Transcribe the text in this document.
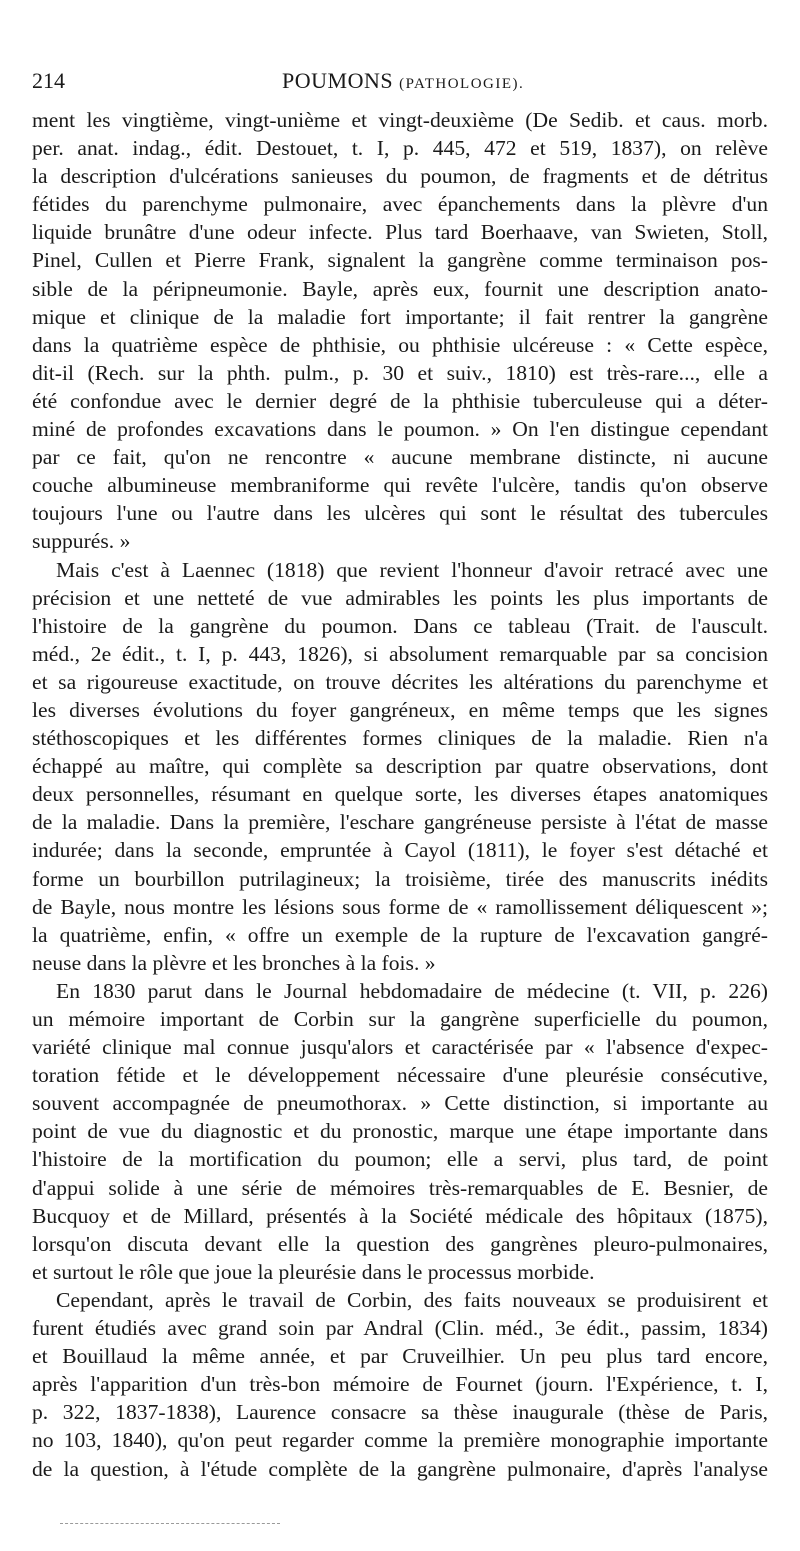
214	POUMONS (PATHOLOGIE).
ment les vingtième, vingt-unième et vingt-deuxième (De Sedib. et caus. morb.
per. anat. indag., édit. Destouet, t. I, p. 445, 472 et 519, 1837), on relève
la description d'ulcérations sanieuses du poumon, de fragments et de détritus
fétides du parenchyme pulmonaire, avec épanchements dans la plèvre d'un
liquide brunâtre d'une odeur infecte. Plus tard Boerhaave, van Swieten, Stoll,
Pinel, Cullen et Pierre Frank, signalent la gangrène comme terminaison pos-
sible de la péripneumonie. Bayle, après eux, fournit une description anato-
mique et clinique de la maladie fort importante; il fait rentrer la gangrène
dans la quatrième espèce de phthisie, ou phthisie ulcéreuse : « Cette espèce,
dit-il (Rech. sur la phth. pulm., p. 30 et suiv., 1810) est très-rare..., elle a
été confondue avec le dernier degré de la phthisie tuberculeuse qui a déter-
miné de profondes excavations dans le poumon. » On l'en distingue cependant
par ce fait, qu'on ne rencontre « aucune membrane distincte, ni aucune
couche albumineuse membraniforme qui revête l'ulcère, tandis qu'on observe
toujours l'une ou l'autre dans les ulcères qui sont le résultat des tubercules
suppurés. »
Mais c'est à Laennec (1818) que revient l'honneur d'avoir retracé avec une
précision et une netteté de vue admirables les points les plus importants de
l'histoire de la gangrène du poumon. Dans ce tableau (Trait. de l'auscult.
méd., 2e édit., t. I, p. 443, 1826), si absolument remarquable par sa concision
et sa rigoureuse exactitude, on trouve décrites les altérations du parenchyme et
les diverses évolutions du foyer gangréneux, en même temps que les signes
stéthoscopiques et les différentes formes cliniques de la maladie. Rien n'a
échappé au maître, qui complète sa description par quatre observations, dont
deux personnelles, résumant en quelque sorte, les diverses étapes anatomiques
de la maladie. Dans la première, l'eschare gangréneuse persiste à l'état de masse
indurée; dans la seconde, empruntée à Cayol (1811), le foyer s'est détaché et
forme un bourbillon putrilagineux; la troisième, tirée des manuscrits inédits
de Bayle, nous montre les lésions sous forme de « ramollissement déliquescent »;
la quatrième, enfin, « offre un exemple de la rupture de l'excavation gangré-
neuse dans la plèvre et les bronches à la fois. »
En 1830 parut dans le Journal hebdomadaire de médecine (t. VII, p. 226)
un mémoire important de Corbin sur la gangrène superficielle du poumon,
variété clinique mal connue jusqu'alors et caractérisée par « l'absence d'expec-
toration fétide et le développement nécessaire d'une pleurésie consécutive,
souvent accompagnée de pneumothorax. » Cette distinction, si importante au
point de vue du diagnostic et du pronostic, marque une étape importante dans
l'histoire de la mortification du poumon; elle a servi, plus tard, de point
d'appui solide à une série de mémoires très-remarquables de E. Besnier, de
Bucquoy et de Millard, présentés à la Société médicale des hôpitaux (1875),
lorsqu'on discuta devant elle la question des gangrènes pleuro-pulmonaires,
et surtout le rôle que joue la pleurésie dans le processus morbide.
Cependant, après le travail de Corbin, des faits nouveaux se produisirent et
furent étudiés avec grand soin par Andral (Clin. méd., 3e édit., passim, 1834)
et Bouillaud la même année, et par Cruveilhier. Un peu plus tard encore,
après l'apparition d'un très-bon mémoire de Fournet (journ. l'Expérience, t. I,
p. 322, 1837-1838), Laurence consacre sa thèse inaugurale (thèse de Paris,
no 103, 1840), qu'on peut regarder comme la première monographie importante
de la question, à l'étude complète de la gangrène pulmonaire, d'après l'analyse
